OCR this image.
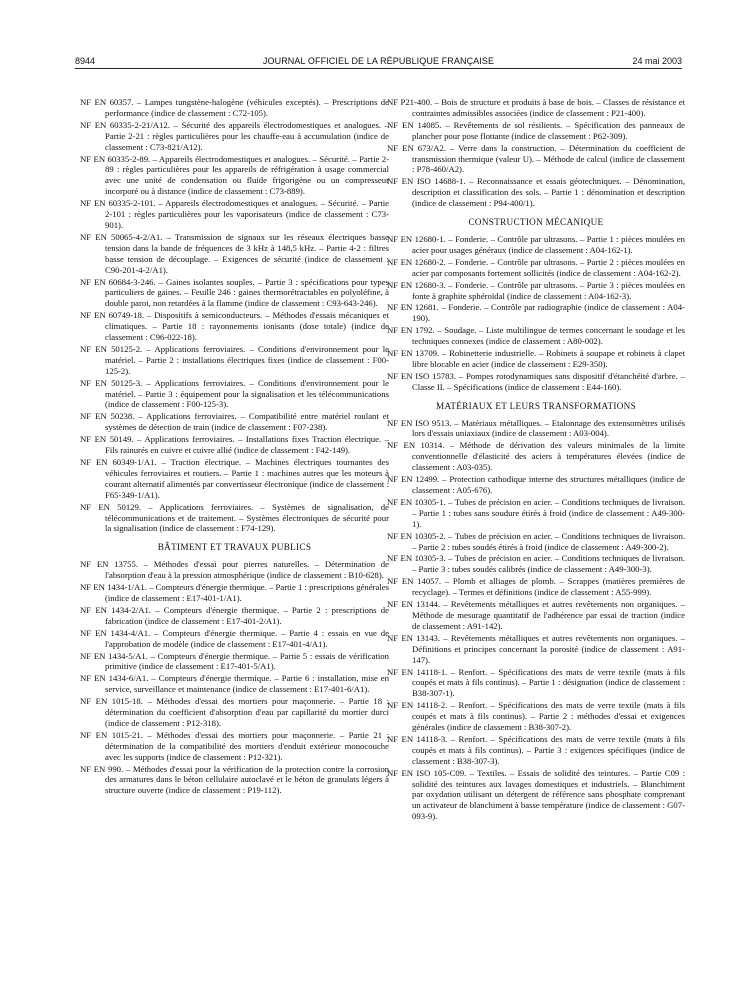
8944	JOURNAL OFFICIEL DE LA RÉPUBLIQUE FRANÇAISE	24 mai 2003

NF EN 60357. – Lampes tungstène-halogène (véhicules exceptés). – Prescriptions de performance (indice de classement : C72-105).

NF EN 60335-2-21/A12. – Sécurité des appareils électrodomestiques et analogues. – Partie 2-21 : règles particulières pour les chauffe-eau à accumulation (indice de classement : C73-821/A12).

NF EN 60335-2-89. – Appareils électrodomestiques et analogues. – Sécurité. – Partie 2-89 : règles particulières pour les appareils de réfrigération à usage commercial avec une unité de condensation ou fluide frigorigène ou un compresseur incorporé ou à distance (indice de classement : C73-889).

NF EN 60335-2-101. – Appareils électrodomestiques et analogues. – Sécurité. – Partie 2-101 : règles particulières pour les vaporisateurs (indice de classement : C73-901).

NF EN 50065-4-2/A1. – Transmission de signaux sur les réseaux électriques basse tension dans la bande de fréquences de 3 kHz à 148,5 kHz. – Partie 4-2 : filtres basse tension de découplage. – Exigences de sécurité (indice de classement : C90-201-4-2/A1).

NF EN 60684-3-246. – Gaines isolantes souples. – Partie 3 : spécifications pour types particuliers de gaines. – Feuille 246 : gaines thermorétractables en polyoléfine, à double paroi, non retardées à la flamme (indice de classement : C93-643-246).

NF EN 60749-18. – Dispositifs à semiconducteurs. – Méthodes d'essais mécaniques et climatiques. – Partie 18 : rayonnements ionisants (dose totale) (indice de classement : C96-022-18).

NF EN 50125-2. – Applications ferroviaires. – Conditions d'environnement pour le matériel. – Partie 2 : installations électriques fixes (indice de classement : F00-125-2).

NF EN 50125-3. – Applications ferroviaires. – Conditions d'environnement pour le matériel. – Partie 3 : équipement pour la signalisation et les télécommunications (indice de classement : F00-125-3).

NF EN 50238. – Applications ferroviaires. – Compatibilité entre matériel roulant et systèmes de détection de train (indice de classement : F07-238).

NF EN 50149. – Applications ferroviaires. – Installations fixes Traction électrique. – Fils rainurés en cuivre et cuivre allié (indice de classement : F42-149).

NF EN 60349-1/A1. – Traction électrique. – Machines électriques tournantes des véhicules ferroviaires et routiers. – Partie 1 : machines autres que les moteurs à courant alternatif alimentés par convertisseur électronique (indice de classement : F65-349-1/A1).

NF EN 50129. – Applications ferroviaires. – Systèmes de signalisation, de télécommunications et de traitement. – Systèmes électroniques de sécurité pour la signalisation (indice de classement : F74-129).

BÂTIMENT ET TRAVAUX PUBLICS

NF EN 13755. – Méthodes d'essai pour pierres naturelles. – Détermination de l'absorption d'eau à la pression atmosphérique (indice de classement : B10-628).

NF EN 1434-1/A1. – Compteurs d'énergie thermique. – Partie 1 : prescriptions générales (indice de classement : E17-401-1/A1).

NF EN 1434-2/A1. – Compteurs d'énergie thermique. – Partie 2 : prescriptions de fabrication (indice de classement : E17-401-2/A1).

NF EN 1434-4/A1. – Compteurs d'énergie thermique. – Partie 4 : essais en vue de l'approbation de modèle (indice de classement : E17-401-4/A1).

NF EN 1434-5/A1. – Compteurs d'énergie thermique. – Partie 5 : essais de vérification primitive (indice de classement : E17-401-5/A1).

NF EN 1434-6/A1. – Compteurs d'énergie thermique. – Partie 6 : installation, mise en service, surveillance et maintenance (indice de classement : E17-401-6/A1).

NF EN 1015-18. – Méthodes d'essai des mortiers pour maçonnerie. – Partie 18 : détermination du coefficient d'absorption d'eau par capillarité du mortier durci (indice de classement : P12-318).

NF EN 1015-21. – Méthodes d'essai des mortiers pour maçonnerie. – Partie 21 : détermination de la compatibilité des mortiers d'enduit extérieur monocouche avec les supports (indice de classement : P12-321).

NF EN 990. – Méthodes d'essai pour la vérification de la protection contre la corrosion des armatures dans le béton cellulaire autoclavé et le béton de granulats légers à structure ouverte (indice de classement : P19-112).

NF P21-400. – Bois de structure et produits à base de bois. – Classes de résistance et contraintes admissibles associées (indice de classement : P21-400).

NF EN 14085. – Revêtements de sol résilients. – Spécification des panneaux de plancher pour pose flottante (indice de classement : P62-309).

NF EN 673/A2. – Verre dans la construction. – Détermination du coefficient de transmission thermique (valeur U). – Méthode de calcul (indice de classement : P78-460/A2).

NF EN ISO 14688-1. – Reconnaissance et essais géotechniques. – Dénomination, description et classification des sols. – Partie 1 : dénomination et description (indice de classement : P94-400/1).

CONSTRUCTION MÉCANIQUE

NF EN 12680-1. – Fonderie. – Contrôle par ultrasons. – Partie 1 : pièces moulées en acier pour usages généraux (indice de classement : A04-162-1).

NF EN 12680-2. – Fonderie. – Contrôle par ultrasons. – Partie 2 : pièces moulées en acier par composants fortement sollicités (indice de classement : A04-162-2).

NF EN 12680-3. – Fonderie. – Contrôle par ultrasons. – Partie 3 : pièces moulées en fonte à graphite sphéroïdal (indice de classement : A04-162-3).

NF EN 12681. – Fonderie. – Contrôle par radiographie (indice de classement : A04-190).

NF EN 1792. – Soudage. – Liste multilingue de termes concernant le soudage et les techniques connexes (indice de classement : A80-002).

NF EN 13709. – Robinetterie industrielle. – Robinets à soupape et robinets à clapet libre blocable en acier (indice de classement : E29-350).

NF EN ISO 15783. – Pompes rotodynamiques sans dispositif d'étanchéité d'arbre. – Classe II. – Spécifications (indice de classement : E44-160).

MATÉRIAUX ET LEURS TRANSFORMATIONS

NF EN ISO 9513. – Matériaux métalliques. – Etalonnage des extensomètres utilisés lors d'essais uniaxiaux (indice de classement : A03-004).

NF EN 10314. – Méthode de dérivation des valeurs minimales de la limite conventionnelle d'élasticité des aciers à températures élevées (indice de classement : A03-035).

NF EN 12499. – Protection cathodique interne des structures métalliques (indice de classement : A05-676).

NF EN 10305-1. – Tubes de précision en acier. – Conditions techniques de livraison. – Partie 1 : tubes sans soudure étirés à froid (indice de classement : A49-300-1).

NF EN 10305-2. – Tubes de précision en acier. – Conditions techniques de livraison. – Partie 2 : tubes soudés étirés à froid (indice de classement : A49-300-2).

NF EN 10305-3. – Tubes de précision en acier. – Conditions techniques de livraison. – Partie 3 : tubes soudés calibrés (indice de classement : A49-300-3).

NF EN 14057. – Plomb et alliages de plomb. – Scrappes (matières premières de recyclage). – Termes et définitions (indice de classement : A55-999).

NF EN 13144. – Revêtements métalliques et autres revêtements non organiques. – Méthode de mesurage quantitatif de l'adhérence par essai de traction (indice de classement : A91-142).

NF EN 13143. – Revêtements métalliques et autres revêtements non organiques. – Définitions et principes concernant la porosité (indice de classement : A91-147).

NF EN 14118-1. – Renfort. – Spécifications des mats de verre textile (mats à fils coupés et mats à fils continus). – Partie 1 : désignation (indice de classement : B38-307-1).

NF EN 14118-2. – Renfort. – Spécifications des mats de verre textile (mats à fils coupés et mats à fils continus). – Partie 2 : méthodes d'essai et exigences générales (indice de classement : B38-307-2).

NF EN 14118-3. – Renfort. – Spécifications des mats de verre textile (mats à fils coupés et mats à fils continus). – Partie 3 : exigences spécifiques (indice de classement : B38-307-3).

NF EN ISO 105-C09. – Textiles. – Essais de solidité des teintures. – Partie C09 : solidité des teintures aux lavages domestiques et industriels. – Blanchiment par oxydation utilisant un détergent de référence sans phosphate comprenant un activateur de blanchiment à basse température (indice de classement : G07-093-9).
